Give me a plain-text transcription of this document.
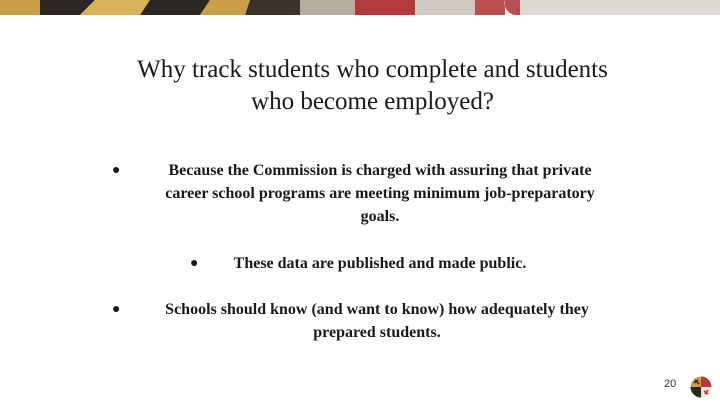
Why track students who complete and students
who become employed?
●	Because the Commission is charged with assuring that private
career school programs are meeting minimum job-preparatory
goals.
● These data are published and made public.
●	Schools should know (and want to know) how adequately they
prepared students.
20
